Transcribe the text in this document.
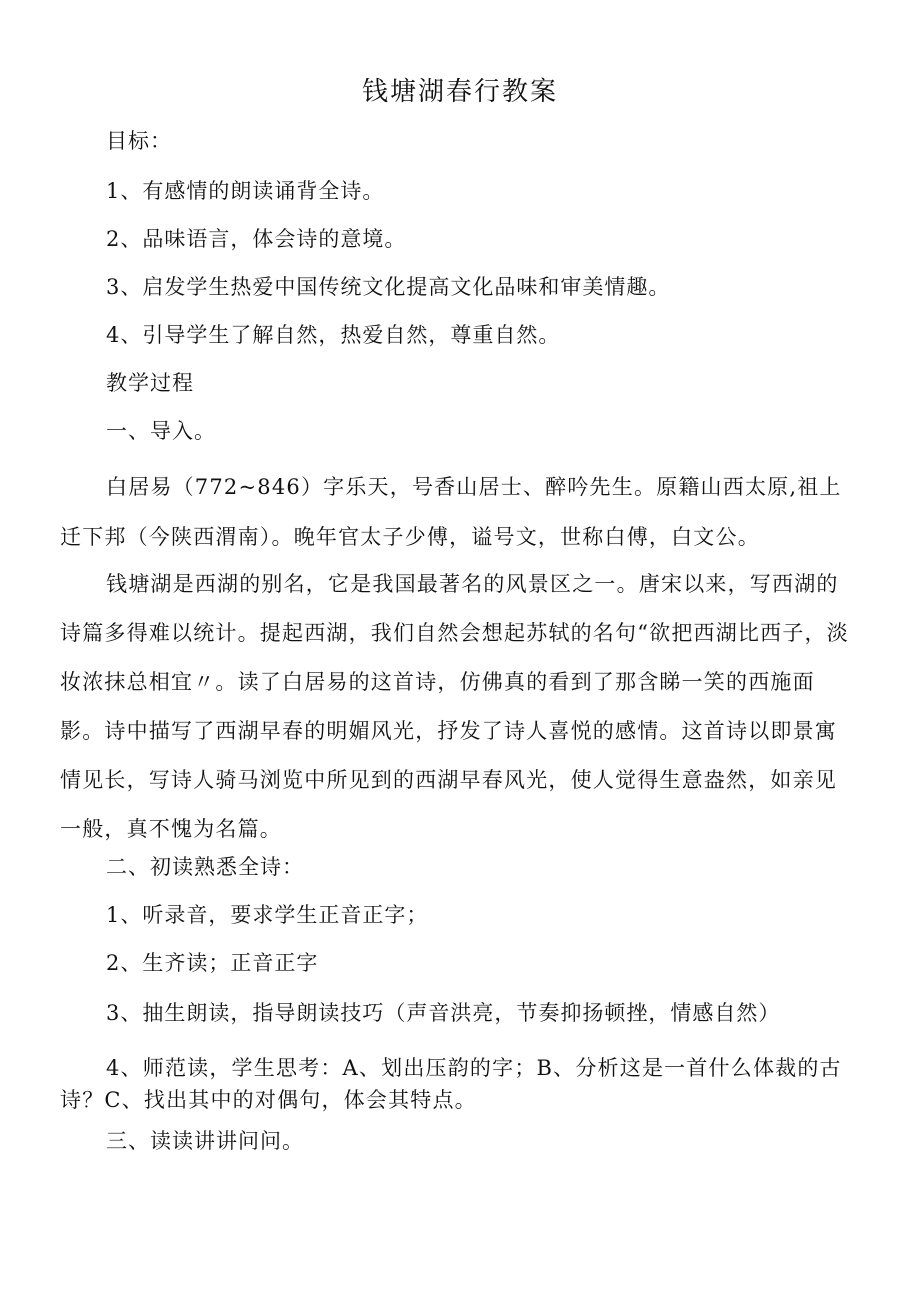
钱塘湖春行教案
目标：
1、有感情的朗读诵背全诗。
2、品味语言，体会诗的意境。
3、启发学生热爱中国传统文化提高文化品味和审美情趣。
4、引导学生了解自然，热爱自然，尊重自然。
教学过程
一、导入。
白居易（772~846）字乐天，号香山居士、醉吟先生。原籍山西太原,祖上迁下邦（今陕西渭南）。晚年官太子少傅，谥号文，世称白傅，白文公。
钱塘湖是西湖的别名，它是我国最著名的风景区之一。唐宋以来，写西湖的诗篇多得难以统计。提起西湖，我们自然会想起苏轼的名句“欲把西湖比西子，淡妆浓抹总相宜〃。读了白居易的这首诗，仿佛真的看到了那含睇一笑的西施面影。诗中描写了西湖早春的明媚风光，抒发了诗人喜悦的感情。这首诗以即景寓情见长，写诗人骑马浏览中所见到的西湖早春风光，使人觉得生意盎然，如亲见一般，真不愧为名篇。
二、初读熟悉全诗：
1、听录音，要求学生正音正字；
2、生齐读；正音正字
3、抽生朗读，指导朗读技巧（声音洪亮，节奏抑扬顿挫，情感自然）
4、师范读，学生思考：A、划出压韵的字；B、分析这是一首什么体裁的古诗？C、找出其中的对偶句，体会其特点。
三、读读讲讲问问。
